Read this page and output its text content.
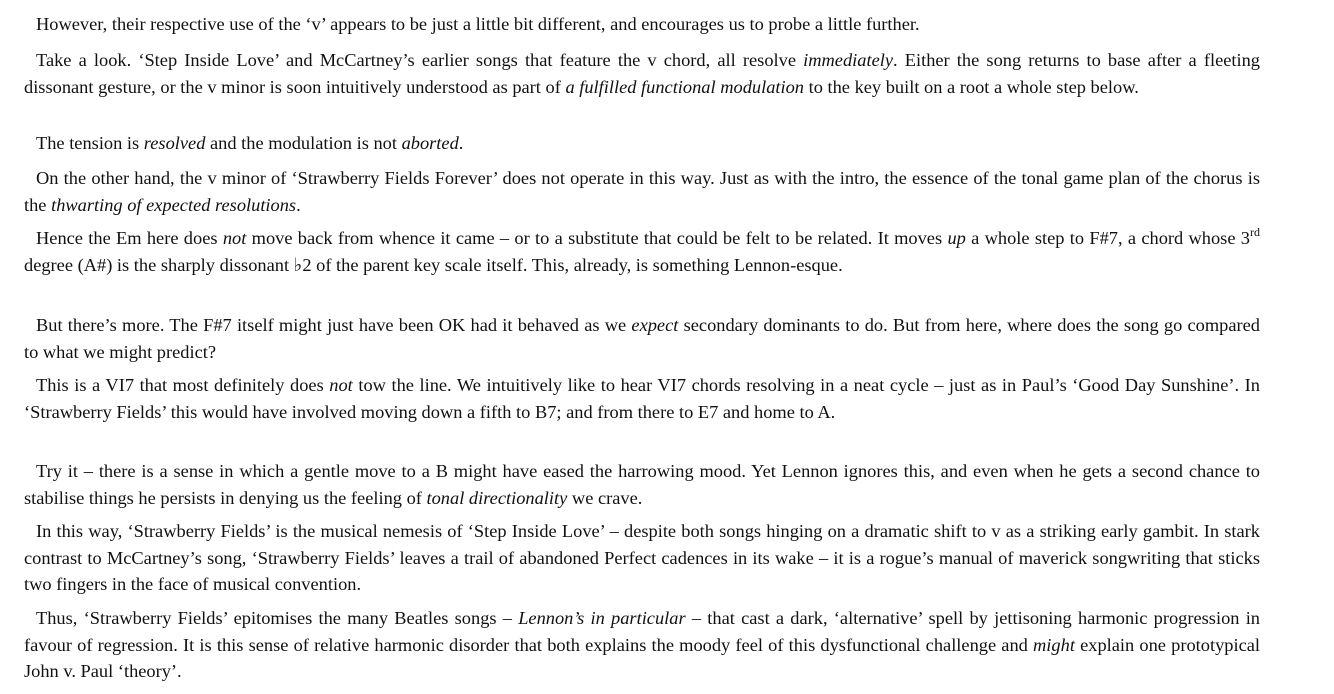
However, their respective use of the ‘v’ appears to be just a little bit different, and encourages us to probe a little further.

Take a look. ‘Step Inside Love’ and McCartney’s earlier songs that feature the v chord, all resolve immediately. Either the song returns to base after a fleeting dissonant gesture, or the v minor is soon intuitively understood as part of a fulfilled functional modulation to the key built on a root a whole step below.

The tension is resolved and the modulation is not aborted.

On the other hand, the v minor of ‘Strawberry Fields Forever’ does not operate in this way. Just as with the intro, the essence of the tonal game plan of the chorus is the thwarting of expected resolutions.

Hence the Em here does not move back from whence it came – or to a substitute that could be felt to be related. It moves up a whole step to F#7, a chord whose 3rd degree (A#) is the sharply dissonant ♭2 of the parent key scale itself. This, already, is something Lennon-esque.

But there’s more. The F#7 itself might just have been OK had it behaved as we expect secondary dominants to do. But from here, where does the song go compared to what we might predict?

This is a VI7 that most definitely does not tow the line. We intuitively like to hear VI7 chords resolving in a neat cycle – just as in Paul’s ‘Good Day Sunshine’. In ‘Strawberry Fields’ this would have involved moving down a fifth to B7; and from there to E7 and home to A.

Try it – there is a sense in which a gentle move to a B might have eased the harrowing mood. Yet Lennon ignores this, and even when he gets a second chance to stabilise things he persists in denying us the feeling of tonal directionality we crave.

In this way, ‘Strawberry Fields’ is the musical nemesis of ‘Step Inside Love’ – despite both songs hinging on a dramatic shift to v as a striking early gambit. In stark contrast to McCartney’s song, ‘Strawberry Fields’ leaves a trail of abandoned Perfect cadences in its wake – it is a rogue’s manual of maverick songwriting that sticks two fingers in the face of musical convention.

Thus, ‘Strawberry Fields’ epitomises the many Beatles songs – Lennon’s in particular – that cast a dark, ‘alternative’ spell by jettisoning harmonic progression in favour of regression. It is this sense of relative harmonic disorder that both explains the moody feel of this dysfunctional challenge and might explain one prototypical John v. Paul ‘theory’.
